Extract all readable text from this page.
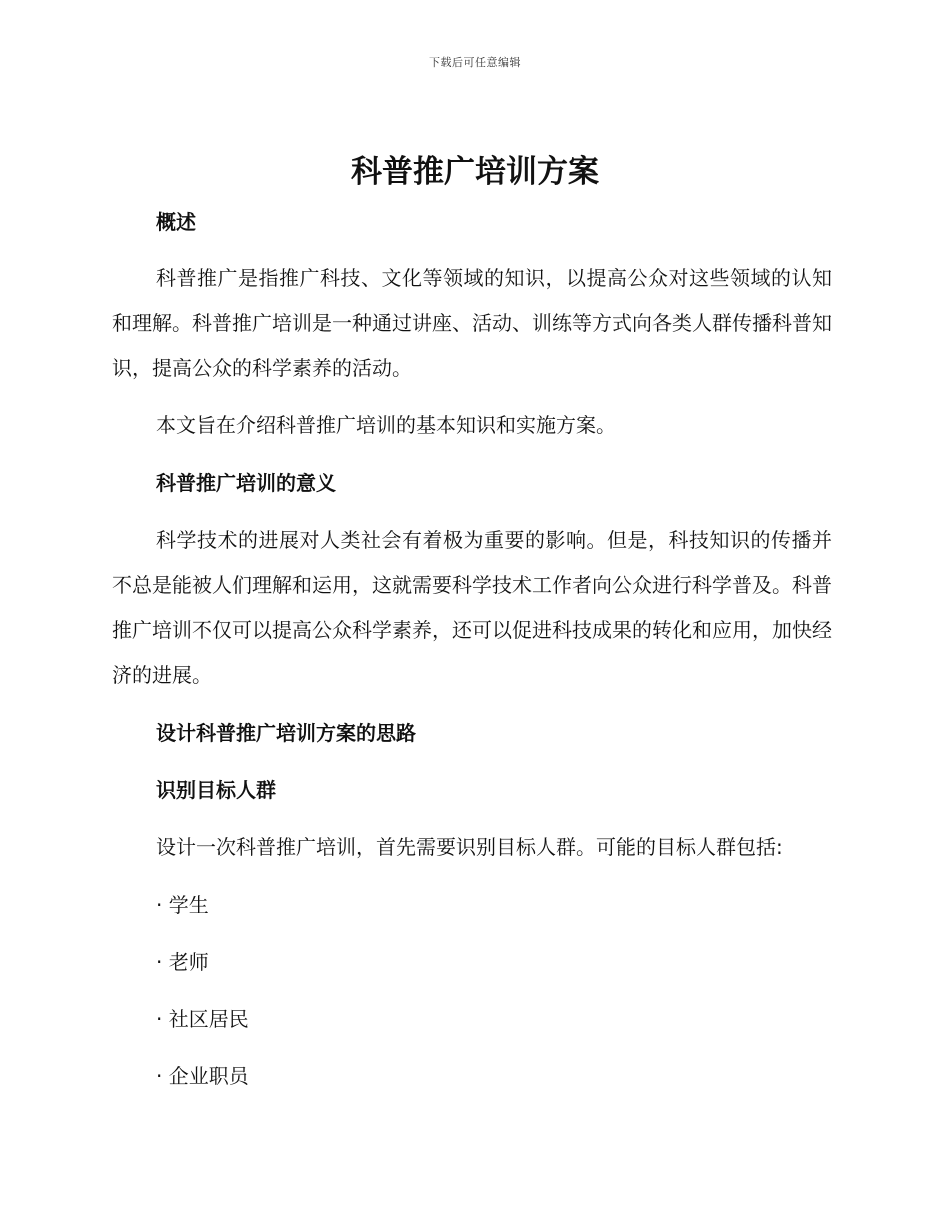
下载后可任意编辑
科普推广培训方案
概述

科普推广是指推广科技、文化等领域的知识，以提高公众对这些领域的认知和理解。科普推广培训是一种通过讲座、活动、训练等方式向各类人群传播科普知识，提高公众的科学素养的活动。

本文旨在介绍科普推广培训的基本知识和实施方案。

科普推广培训的意义

科学技术的进展对人类社会有着极为重要的影响。但是，科技知识的传播并不总是能被人们理解和运用，这就需要科学技术工作者向公众进行科学普及。科普推广培训不仅可以提高公众科学素养，还可以促进科技成果的转化和应用，加快经济的进展。

设计科普推广培训方案的思路
识别目标人群

设计一次科普推广培训，首先需要识别目标人群。可能的目标人群包括:

· 学生
· 老师
· 社区居民
· 企业职员
